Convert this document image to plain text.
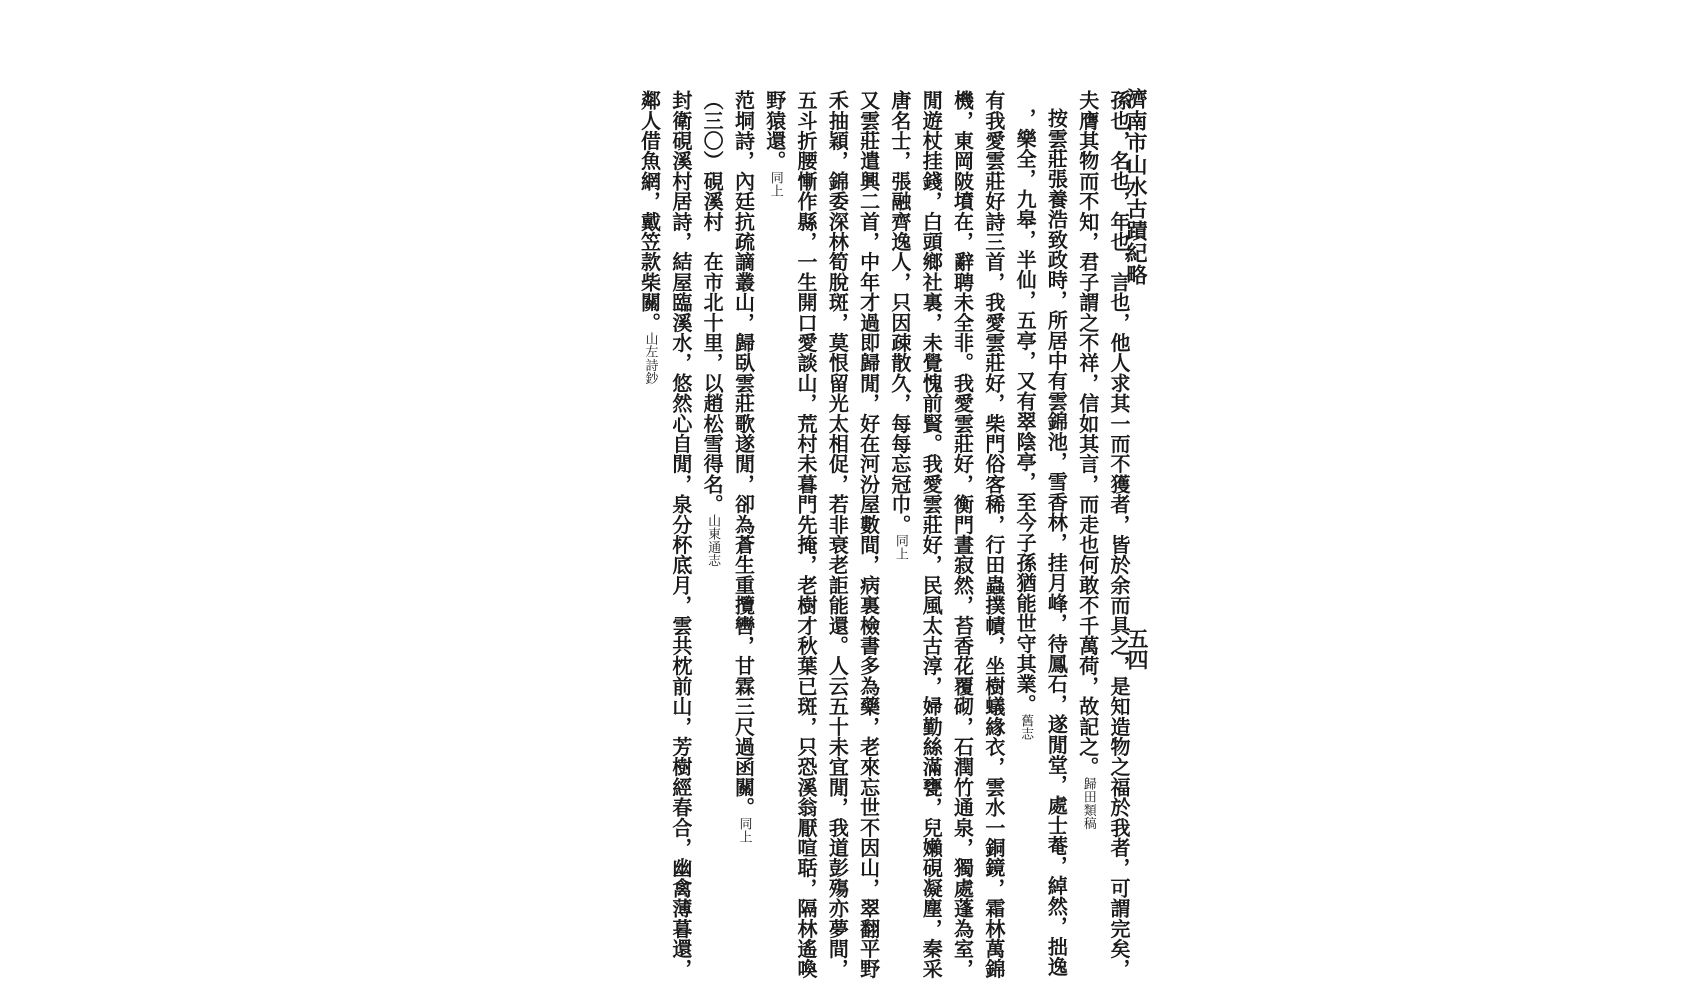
濟南市山水古蹟紀略
五四
孫也，名也，年也，言也，他人求其一而不獲者，皆於余而具之，是知造物之福於我者，可謂完矣，
夫膺其物而不知，君子謂之不祥，信如其言，而走也何敢不千萬荷，故記之。歸田類稿
按雲莊張養浩致政時，所居中有雲錦池，雪香林，挂月峰，待鳳石，遂閒堂，處士菴，綽然，拙逸
，樂全，九皋，半仙，五亭，又有翠陰亭，至今子孫猶能世守其業。舊志
有我愛雲莊好詩三首，我愛雲莊好，柴門俗客稀，行田蟲撲幘，坐樹蟻緣衣，雲水一銅鏡，霜林萬錦
機，東岡陂墳在，辭聘未全非。我愛雲莊好，衡門晝寂然，苔香花覆砌，石潤竹通泉，獨處蓬為室，
閒遊杖挂錢，白頭鄉社裏，未覺愧前賢。我愛雲莊好，民風太古淳，婦勤絲滿甕，兒嬾硯凝塵，秦采
唐名士，張融齊逸人，只因疎散久，每每忘冠巾。同上
又雲莊遣興二首，中年才過即歸閒，好在河汾屋數間，病裏檢書多為藥，老來忘世不因山，翠翻平野
禾抽穎，錦委深林筍脫斑，莫恨留光太相促，若非衰老詎能還。人云五十未宜閒，我道彭殤亦夢間，
五斗折腰慚作縣，一生開口愛談山，荒村未暮門先掩，老樹才秋葉已斑，只恐溪翁厭喧聒，隔林遙喚
野猿還。同上
范垌詩，內廷抗疏謫叢山，歸臥雲莊歌遂閒，卻為蒼生重攬轡，甘霖三尺過函關。同上
（三〇）硯溪村　在市北十里，以趙松雪得名。山東通志
封衛硯溪村居詩，結屋臨溪水，悠然心自閒，泉分杯底月，雲共枕前山，芳樹經春合，幽禽薄暮還，
鄰人借魚網，戴笠款柴關。山左詩鈔
